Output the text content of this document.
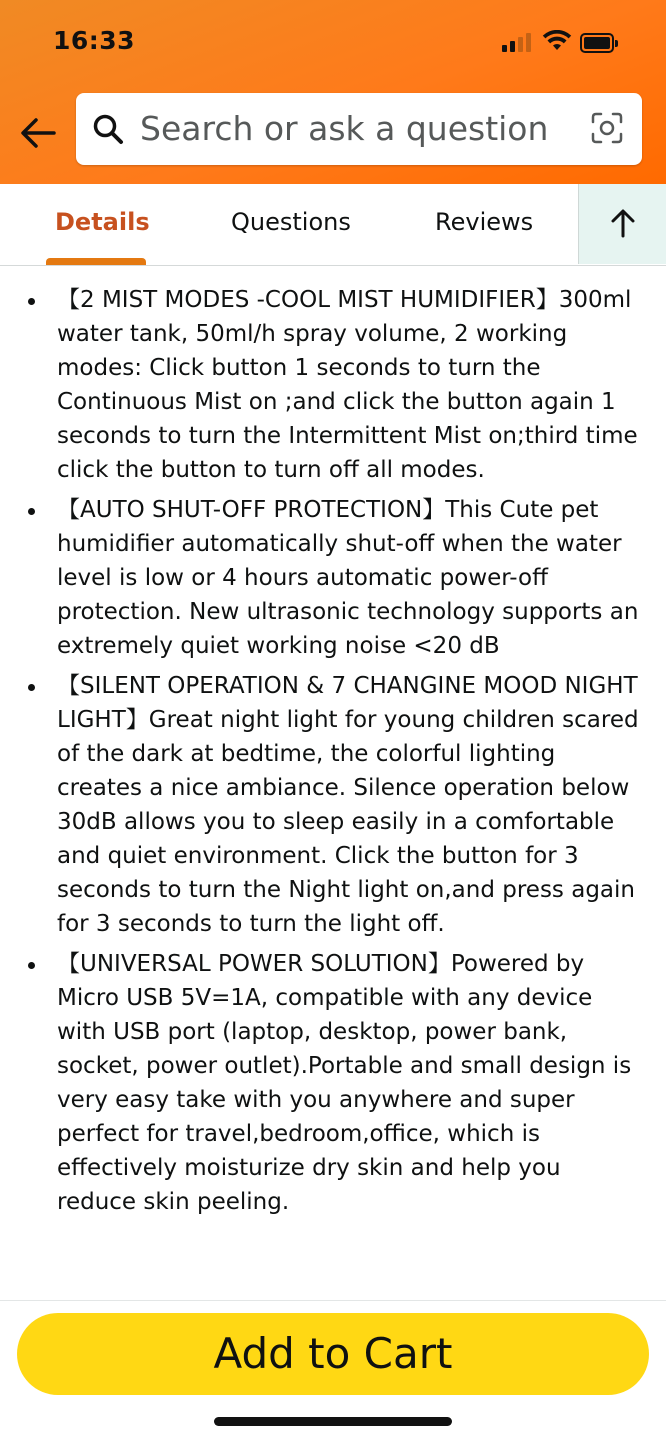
16:33
Search or ask a question
Details	Questions	Reviews
【2 MIST MODES -COOL MIST HUMIDIFIER】300ml water tank, 50ml/h spray volume, 2 working modes: Click button 1 seconds to turn the Continuous Mist on ;and click the button again 1 seconds to turn the Intermittent Mist on;third time click the button to turn off all modes.
【AUTO SHUT-OFF PROTECTION】This Cute pet humidifier automatically shut-off when the water level is low or 4 hours automatic power-off protection. New ultrasonic technology supports an extremely quiet working noise <20 dB
【SILENT OPERATION & 7 CHANGINE MOOD NIGHT LIGHT】Great night light for young children scared of the dark at bedtime, the colorful lighting creates a nice ambiance. Silence operation below 30dB allows you to sleep easily in a comfortable and quiet environment. Click the button for 3 seconds to turn the Night light on,and press again for 3 seconds to turn the light off.
【UNIVERSAL POWER SOLUTION】Powered by Micro USB 5V=1A, compatible with any device with USB port (laptop, desktop, power bank, socket, power outlet).Portable and small design is very easy take with you anywhere and super perfect for travel,bedroom,office, which is effectively moisturize dry skin and help you reduce skin peeling.
Add to Cart
